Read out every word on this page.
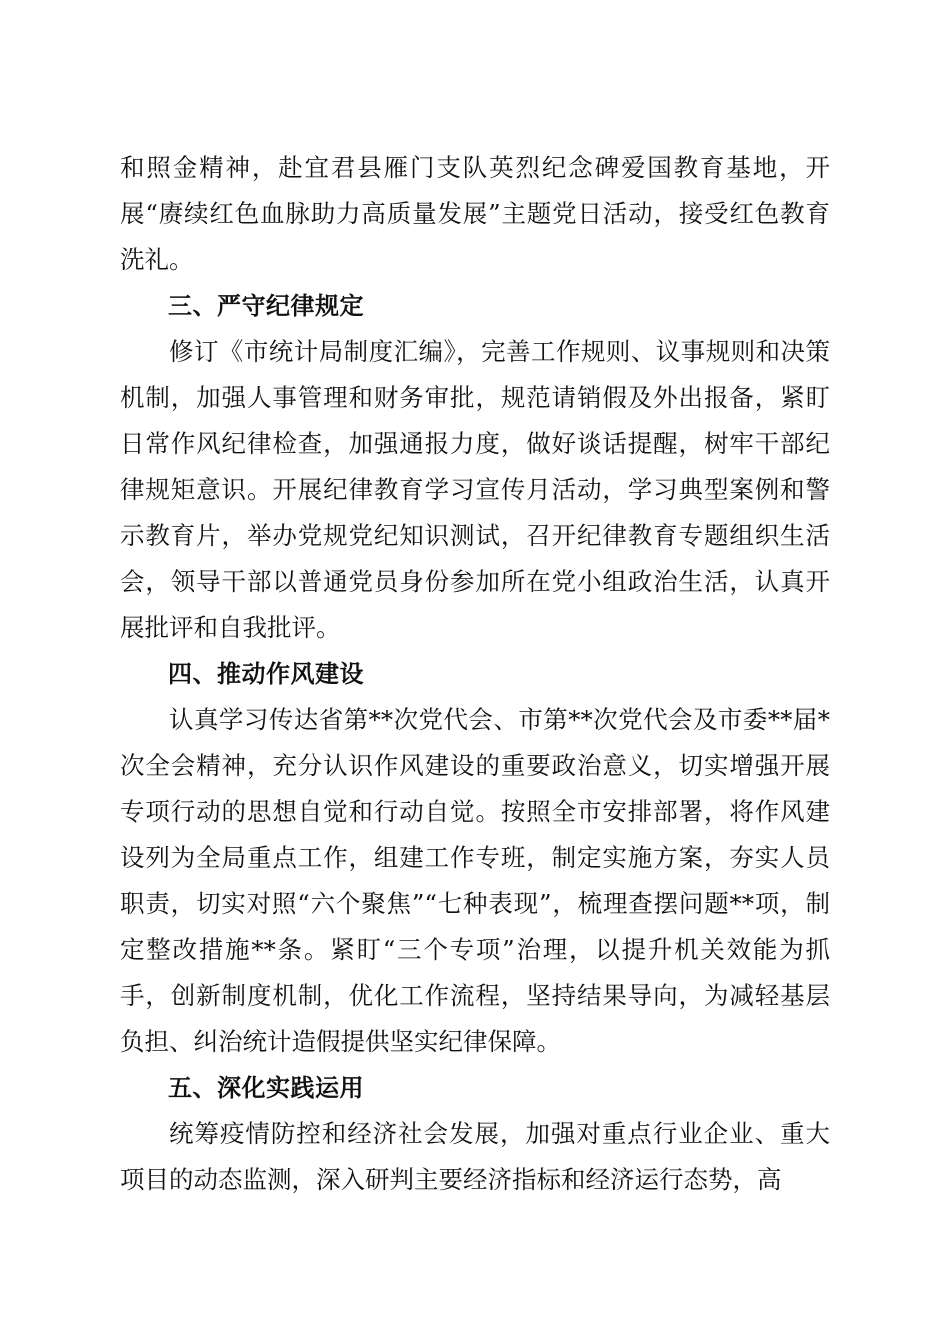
和照金精神，赴宜君县雁门支队英烈纪念碑爱国教育基地，开展“赓续红色血脉助力高质量发展”主题党日活动，接受红色教育洗礼。

三、严守纪律规定

修订《市统计局制度汇编》，完善工作规则、议事规则和决策机制，加强人事管理和财务审批，规范请销假及外出报备，紧盯日常作风纪律检查，加强通报力度，做好谈话提醒，树牢干部纪律规矩意识。开展纪律教育学习宣传月活动，学习典型案例和警示教育片，举办党规党纪知识测试，召开纪律教育专题组织生活会，领导干部以普通党员身份参加所在党小组政治生活，认真开展批评和自我批评。

四、推动作风建设

认真学习传达省第**次党代会、市第**次党代会及市委**届*次全会精神，充分认识作风建设的重要政治意义，切实增强开展专项行动的思想自觉和行动自觉。按照全市安排部署，将作风建设列为全局重点工作，组建工作专班，制定实施方案，夯实人员职责，切实对照“六个聚焦”“七种表现”，梳理查摆问题**项，制定整改措施**条。紧盯“三个专项”治理，以提升机关效能为抓手，创新制度机制，优化工作流程，坚持结果导向，为减轻基层负担、纠治统计造假提供坚实纪律保障。

五、深化实践运用

统筹疫情防控和经济社会发展，加强对重点行业企业、重大项目的动态监测，深入研判主要经济指标和经济运行态势，高
